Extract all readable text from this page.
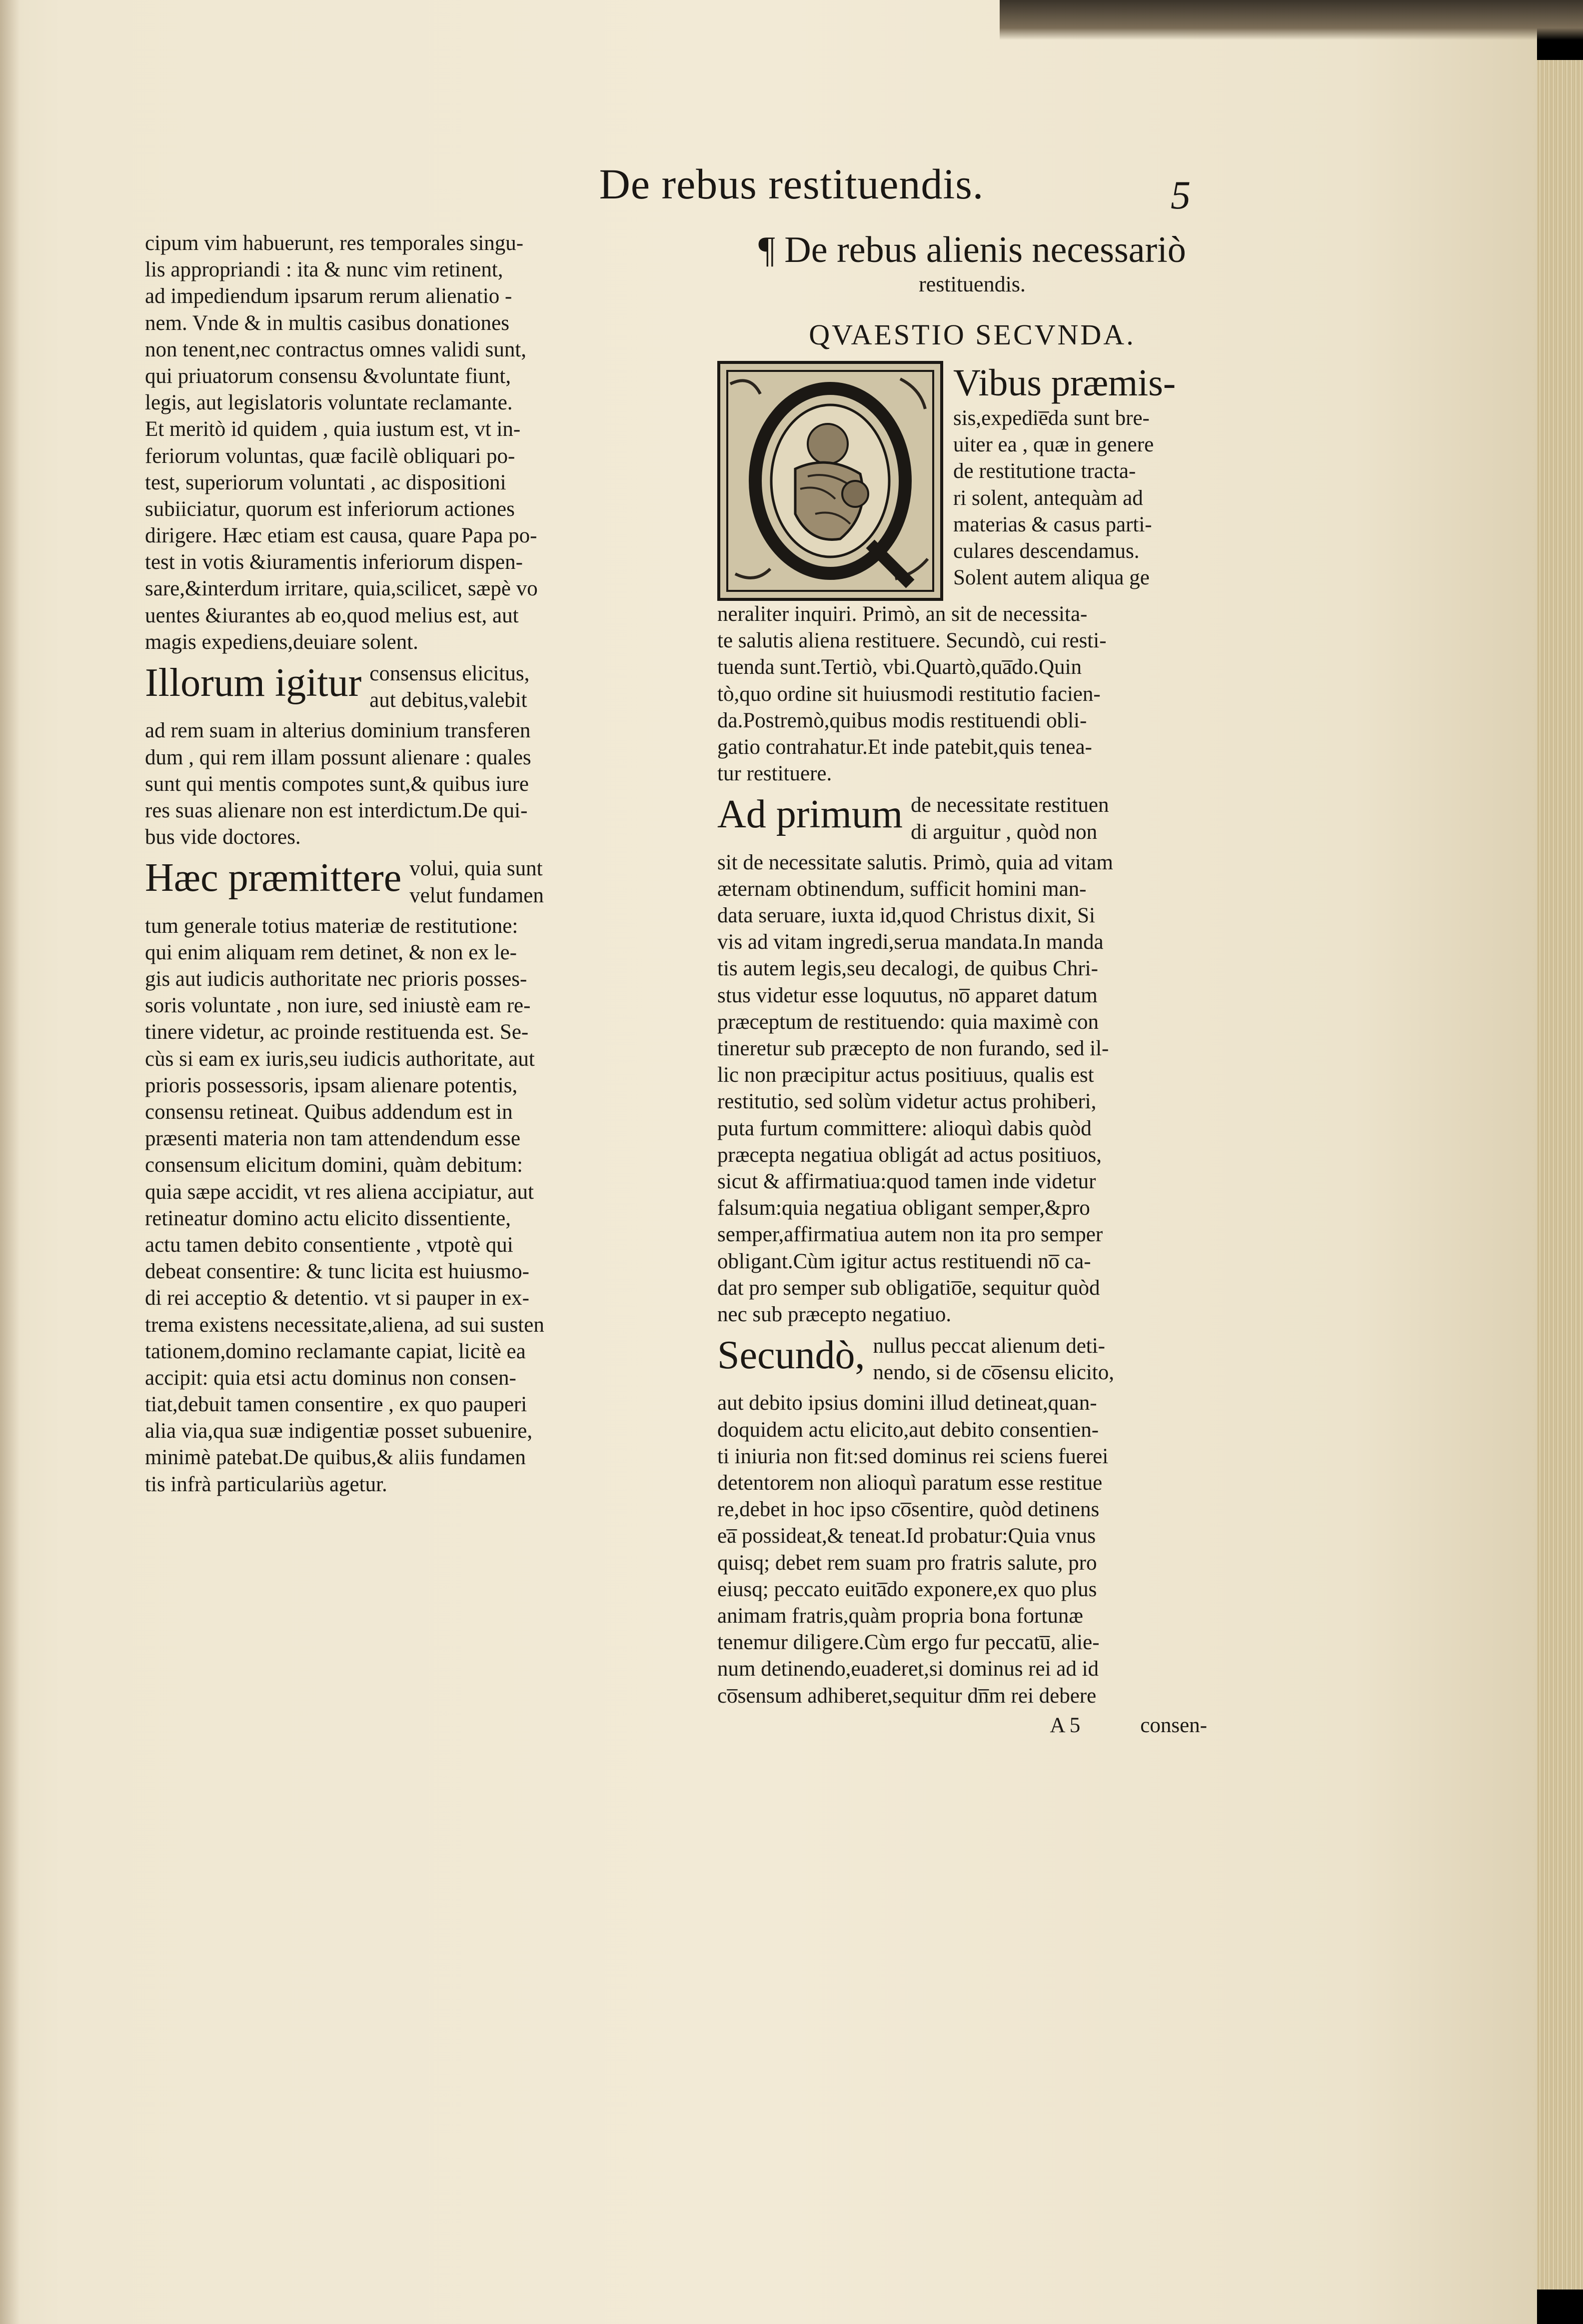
De rebus restituendis.	5
cipum vim habuerunt, res temporales singu-
lis appropriandi : ita & nunc vim retinent,
ad impediendum ipsarum rerum alienatio -
nem. Vnde & in multis casibus donationes
non tenent,nec contractus omnes validi sunt,
qui priuatorum consensu &voluntate fiunt,
legis, aut legislatoris voluntate reclamante.
Et meritò id quidem , quia iustum est, vt in-
feriorum voluntas, quæ facilè obliquari po-
test, superiorum voluntati , ac dispositioni
subiiciatur, quorum est inferiorum actiones
dirigere. Hæc etiam est causa, quare Papa po-
test in votis &iuramentis inferiorum dispen-
sare,&interdum irritare, quia,scilicet, sæpè vo
uentes &iurantes ab eo,quod melius est, aut
magis expediens,deuiare solent.
Illorum igitur consensus elicitus,
aut debitus,valebit
ad rem suam in alterius dominium transferen
dum , qui rem illam possunt alienare : quales
sunt qui mentis compotes sunt,& quibus iure
res suas alienare non est interdictum.De qui-
bus vide doctores.
Hæc præmittere volui, quia sunt
velut fundamen
tum generale totius materiæ de restitutione:
qui enim aliquam rem detinet, & non ex le-
gis aut iudicis authoritate nec prioris posses-
soris voluntate , non iure, sed iniustè eam re-
tinere videtur, ac proinde restituenda est. Se-
cùs si eam ex iuris,seu iudicis authoritate, aut
prioris possessoris, ipsam alienare potentis,
consensu retineat. Quibus addendum est in
præsenti materia non tam attendendum esse
consensum elicitum domini, quàm debitum:
quia sæpe accidit, vt res aliena accipiatur, aut
retineatur domino actu elicito dissentiente,
actu tamen debito consentiente , vtpotè qui
debeat consentire: & tunc licita est huiusmo-
di rei acceptio & detentio. vt si pauper in ex-
trema existens necessitate,aliena, ad sui susten
tationem,domino reclamante capiat, licitè ea
accipit: quia etsi actu dominus non consen-
tiat,debuit tamen consentire , ex quo pauperi
alia via,qua suæ indigentiæ posset subuenire,
minimè patebat.De quibus,& aliis fundamen
tis infrà particulariùs agetur.
¶ De rebus alienis necessariò
restituendis.
QVAESTIO SECVNDA.
Vibus præmis-
sis,expedie̅da sunt bre-
uiter ea , quæ in genere
de restitutione tracta-
ri solent, antequàm ad
materias & casus parti-
culares descendamus.
Solent autem aliqua ge
neraliter inquiri. Primò, an sit de necessita-
te salutis aliena restituere. Secundò, cui resti-
tuenda sunt.Tertiò, vbi.Quartò,qua̅do.Quin
tò,quo ordine sit huiusmodi restitutio facien-
da.Postremò,quibus modis restituendi obli-
gatio contrahatur.Et inde patebit,quis tenea-
tur restituere.
Ad primum de necessitate restituen
di arguitur , quòd non
sit de necessitate salutis. Primò, quia ad vitam
æternam obtinendum, sufficit homini man-
data seruare, iuxta id,quod Christus dixit, Si
vis ad vitam ingredi,serua mandata.In manda
tis autem legis,seu decalogi, de quibus Chri-
stus videtur esse loquutus, no̅ apparet datum
præceptum de restituendo: quia maximè con
tineretur sub præcepto de non furando, sed il-
lic non præcipitur actus positiuus, qualis est
restitutio, sed solùm videtur actus prohiberi,
puta furtum committere: alioquì dabis quòd
præcepta negatiua obligát ad actus positiuos,
sicut & affirmatiua:quod tamen inde videtur
falsum:quia negatiua obligant semper,&pro
semper,affirmatiua autem non ita pro semper
obligant.Cùm igitur actus restituendi no̅ ca-
dat pro semper sub obligatio̅e, sequitur quòd
nec sub præcepto negatiuo.
Secundò, nullus peccat alienum deti-
nendo, si de co̅sensu elicito,
aut debito ipsius domini illud detineat,quan-
doquidem actu elicito,aut debito consentien-
ti iniuria non fit:sed dominus rei sciens fuerei
detentorem non alioquì paratum esse restitue
re,debet in hoc ipso co̅sentire, quòd detinens
ea̅ possideat,& teneat.Id probatur:Quia vnus
quisq; debet rem suam pro fratris salute, pro
eiusq; peccato euita̅do exponere,ex quo plus
animam fratris,quàm propria bona fortunæ
tenemur diligere.Cùm ergo fur peccatu̅, alie-
num detinendo,euaderet,si dominus rei ad id
co̅sensum adhiberet,sequitur dn̅m rei debere
A 5	consen-
